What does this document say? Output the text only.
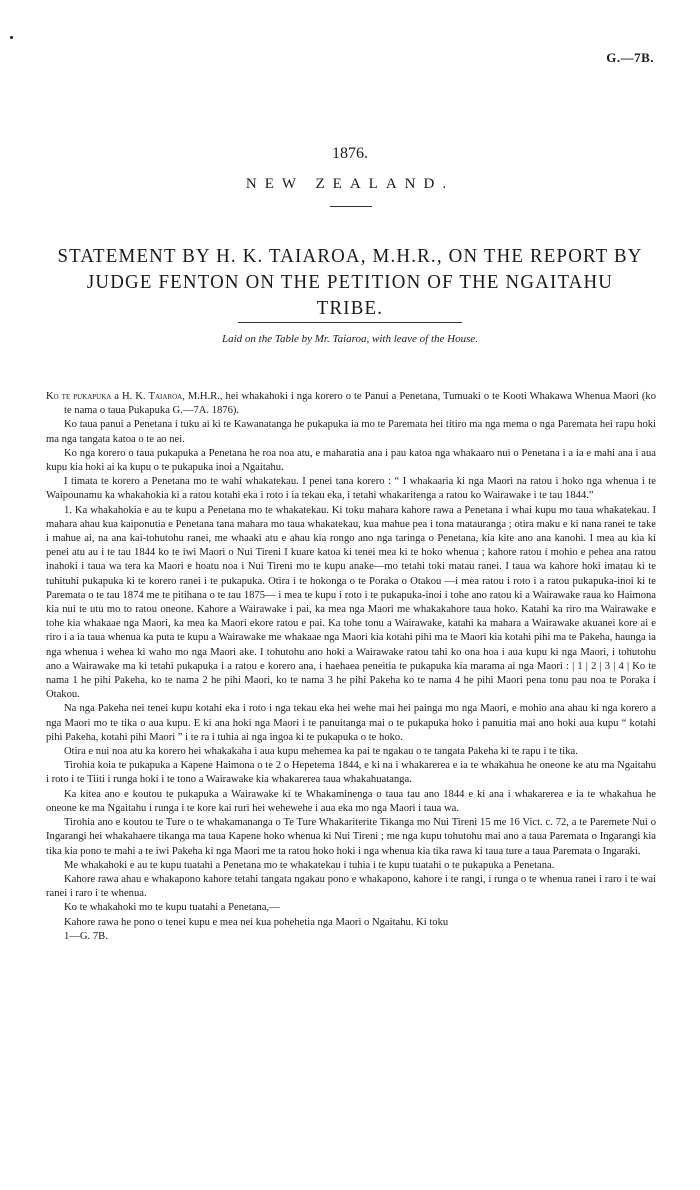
G.—7B.
1876.
NEW ZEALAND.
STATEMENT BY H. K. TAIAROA, M.H.R., ON THE REPORT BY
JUDGE FENTON ON THE PETITION OF THE NGAITAHU TRIBE.
Laid on the Table by Mr. Taiaroa, with leave of the House.

Ko te pukapuka a H. K. Taiaroa, M.H.R., hei whakahoki i nga korero o te Panui a Penetana, Tumuaki o te Kooti Whakawa Whenua Maori (ko te nama o taua Pukapuka G.—7A. 1876).

Ko taua panui a Penetana i tuku ai ki te Kawanatanga he pukapuka ia mo te Paremata hei titiro ma nga mema o nga Paremata hei rapu hoki ma nga tangata katoa o te ao nei.

Ko nga korero o taua pukapuka a Penetana he roa noa atu, e maharatia ana i pau katoa nga whakaaro nui o Penetana i a ia e mahi ana i aua kupu kia hoki ai ka kupu o te pukapuka inoi a Ngaitahu.

I timata te korero a Penetana mo te wahi whakatekau. I penei tana korero : “ I whakaaria ki nga Maori na ratou i hoko nga whenua i te Waipounamu ka whakahokia ki a ratou kotahi eka i roto i ia tekau eka, i tetahi whakaritenga a ratou ko Wairawake i te tau 1844.”

1. Ka whakahokia e au te kupu a Penetana mo te whakatekau. Ki toku mahara kahore rawa a Penetana i whai kupu mo taua whakatekau. I mahara ahau kua kaiponutia e Penetana tana mahara mo taua whakatekau, kua mahue pea i tona matauranga ; otira maku e ki nana ranei te take i mahue ai, na ana kai-tohutohu ranei, me whaaki atu e ahau kia rongo ano nga taringa o Penetana, kia kite ano ana kanohi. I mea au kia ki penei atu au i te tau 1844 ko te iwi Maori o Nui Tireni I kuare katoa ki tenei mea ki te hoko whenua ; kahore ratou i mohio e pehea ana ratou inahoki i taua wa tera ka Maori e hoatu noa i Nui Tireni mo te kupu anake—mo tetahi toki matau ranei. I taua wa kahore hoki imatau ki te tuhituhi pukapuka ki te korero ranei i te pukapuka. Otira i te hokonga o te Poraka o Otakou —i mea ratou i roto i a ratou pukapuka-inoi ki te Paremata o te tau 1874 me te pitihana o te tau 1875— i mea te kupu i roto i te pukapuka-inoi i tohe ano ratou ki a Wairawake raua ko Haimona kia nui te utu mo to ratou oneone. Kahore a Wairawake i pai, ka mea nga Maori me whakakahore taua hoko. Katahi ka riro ma Wairawake e tohe kia whakaae nga Maori, ka mea ka Maori ekore ratou e pai. Ka tohe tonu a Wairawake, katahi ka mahara a Wairawake akuanei kore ai e riro i a ia taua whenua ka puta te kupu a Wairawake me whakaae nga Maori kia kotahi pihi ma te Maori kia kotahi pihi ma te Pakeha, haunga ia nga whenua i wehea ki waho mo nga Maori ake. I tohutohu ano hoki a Wairawake ratou tahi ko ona hoa i aua kupu ki nga Maori, i tohutohu ano a Wairawake ma ki tetahi pukapuka i a ratou e korero ana, i haehaea peneitia te pukapuka kia marama ai nga Maori : | 1 | 2 | 3 | 4 | Ko te nama 1 he pihi Pakeha, ko te nama 2 he pihi Maori, ko te nama 3 he pihi Pakeha ko te nama 4 he pihi Maori pena tonu pau noa te Poraka i Otakou.

Na nga Pakeha nei tenei kupu kotahi eka i roto i nga tekau eka hei wehe mai hei painga mo nga Maori, e mohio ana ahau ki nga korero a nga Maori mo te tika o aua kupu. E ki ana hoki nga Maori i te panuitanga mai o te pukapuka hoko i panuitia mai ano hoki aua kupu “ kotahi pihi Pakeha, kotahi pihi Maori ” i te ra i tuhia ai nga ingoa ki te pukapuka o te hoko.

Otira e nui noa atu ka korero hei whakakaha i aua kupu mehemea ka pai te ngakau o te tangata Pakeha ki te rapu i te tika.

Tirohia koia te pukapuka a Kapene Haimona o te 2 o Hepetema 1844, e ki na i whakarerea e ia te whakahua he oneone ke atu ma Ngaitahu i roto i te Tiiti i runga hoki i te tono a Wairawake kia whakarerea taua whakahuatanga.

Ka kitea ano e koutou te pukapuka a Wairawake ki te Whakaminenga o taua tau ano 1844 e ki ana i whakarerea e ia te whakahua he oneone ke ma Ngaitahu i runga i te kore kai ruri hei wehewehe i aua eka mo nga Maori i taua wa.

Tirohia ano e koutou te Ture o te whakamananga o Te Ture Whakariterite Tikanga mo Nui Tireni 15 me 16 Vict. c. 72, a te Paremete Nui o Ingarangi hei whakahaere tikanga ma taua Kapene hoko whenua ki Nui Tireni ; me nga kupu tohutohu mai ano a taua Paremata o Ingarangi kia tika kia pono te mahi a te iwi Pakeha ki nga Maori me ta ratou hoko hoki i nga whenua kia tika rawa ki taua ture a taua Paremata o Ingaraki.

Me whakahoki e au te kupu tuatahi a Penetana mo te whakatekau i tuhia i te kupu tuatahi o te pukapuka a Penetana.

Kahore rawa ahau e whakapono kahore tetahi tangata ngakau pono e whakapono, kahore i te rangi, i runga o te whenua ranei i raro i te wai ranei i raro i te whenua.

Ko te whakahoki mo te kupu tuatahi a Penetana,—

Kahore rawa he pono o tenei kupu e mea nei kua pohehetia nga Maori o Ngaitahu. Ki toku

1—G. 7B.
